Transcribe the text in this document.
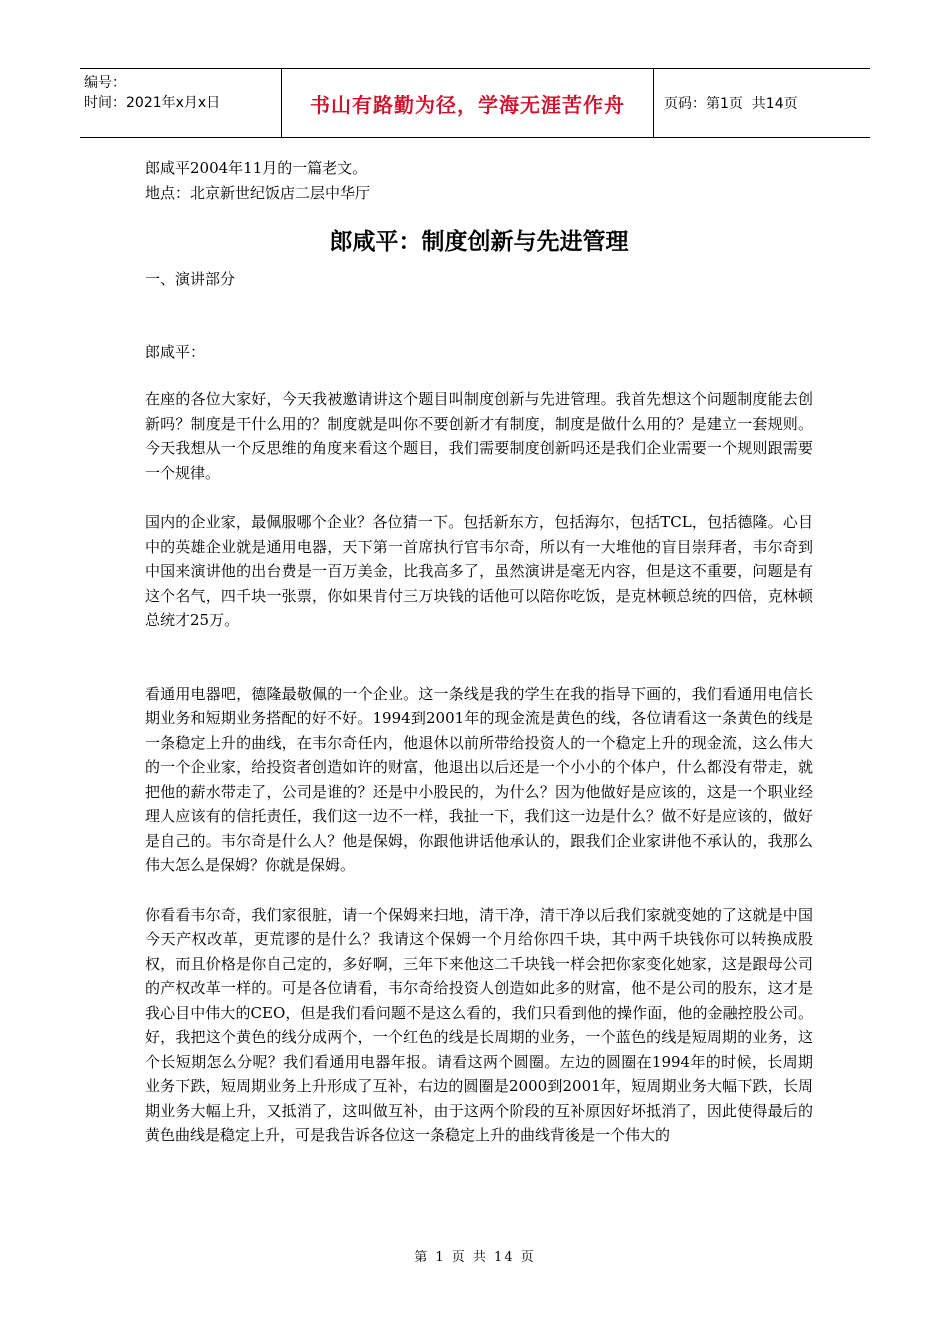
编号：
时间：2021年x月x日	书山有路勤为径，学海无涯苦作舟	页码：第1页  共14页

郎咸平2004年11月的一篇老文。

地点：北京新世纪饭店二层中华厅

郎咸平：制度创新与先进管理

一、演讲部分

郎咸平：

在座的各位大家好，今天我被邀请讲这个题目叫制度创新与先进管理。我首先想这个问题制度能去创新吗？制度是干什么用的？制度就是叫你不要创新才有制度，制度是做什么用的？是建立一套规则。今天我想从一个反思维的角度来看这个题目，我们需要制度创新吗还是我们企业需要一个规则跟需要一个规律。

国内的企业家，最佩服哪个企业？各位猜一下。包括新东方，包括海尔，包括TCL，包括德隆。心目中的英雄企业就是通用电器，天下第一首席执行官韦尔奇，所以有一大堆他的盲目崇拜者，韦尔奇到中国来演讲他的出台费是一百万美金，比我高多了，虽然演讲是毫无内容，但是这不重要，问题是有这个名气，四千块一张票，你如果肯付三万块钱的话他可以陪你吃饭，是克林顿总统的四倍，克林顿总统才25万。

看通用电器吧，德隆最敬佩的一个企业。这一条线是我的学生在我的指导下画的，我们看通用电信长期业务和短期业务搭配的好不好。1994到2001年的现金流是黄色的线，各位请看这一条黄色的线是一条稳定上升的曲线，在韦尔奇任内，他退休以前所带给投资人的一个稳定上升的现金流，这么伟大的一个企业家，给投资者创造如许的财富，他退出以后还是一个小小的个体户，什么都没有带走，就把他的薪水带走了，公司是谁的？还是中小股民的，为什么？因为他做好是应该的，这是一个职业经理人应该有的信托责任，我们这一边不一样，我扯一下，我们这一边是什么？做不好是应该的，做好是自己的。韦尔奇是什么人？他是保姆，你跟他讲话他承认的，跟我们企业家讲他不承认的，我那么伟大怎么是保姆？你就是保姆。

你看看韦尔奇，我们家很脏，请一个保姆来扫地，清干净，清干净以后我们家就变她的了这就是中国今天产权改革，更荒谬的是什么？我请这个保姆一个月给你四千块，其中两千块钱你可以转换成股权，而且价格是你自己定的，多好啊，三年下来他这二千块钱一样会把你家变化她家，这是跟母公司的产权改革一样的。可是各位请看，韦尔奇给投资人创造如此多的财富，他不是公司的股东，这才是我心目中伟大的CEO，但是我们看问题不是这么看的，我们只看到他的操作面，他的金融控股公司。好，我把这个黄色的线分成两个，一个红色的线是长周期的业务，一个蓝色的线是短周期的业务，这个长短期怎么分呢？我们看通用电器年报。请看这两个圆圈。左边的圆圈在1994年的时候，长周期业务下跌，短周期业务上升形成了互补，右边的圆圈是2000到2001年，短周期业务大幅下跌，长周期业务大幅上升，又抵消了，这叫做互补，由于这两个阶段的互补原因好坏抵消了，因此使得最后的黄色曲线是稳定上升，可是我告诉各位这一条稳定上升的曲线背後是一个伟大的

第 1 页 共 14 页
